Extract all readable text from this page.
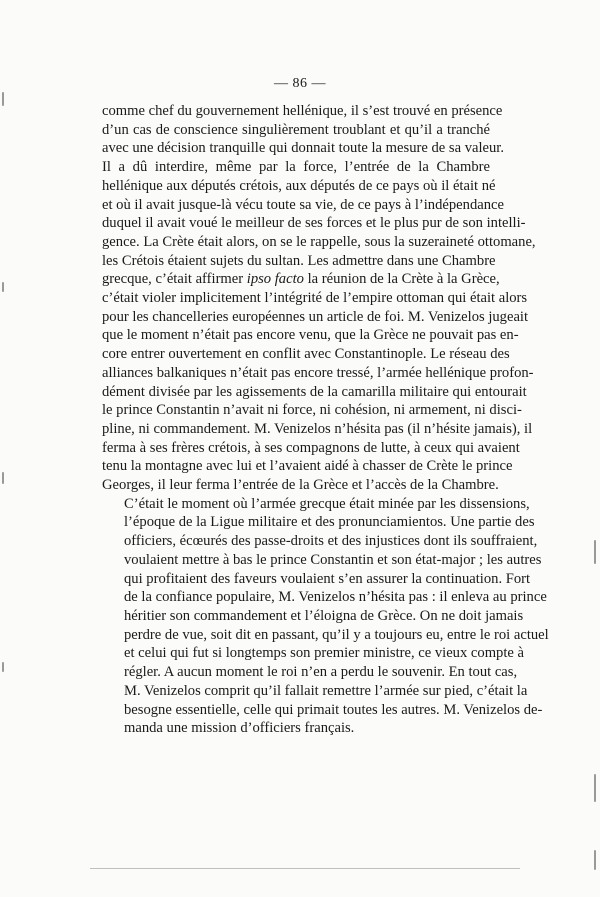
— 86 —

comme chef du gouvernement hellénique, il s’est trouvé en présence
d’un cas de conscience singulièrement troublant et qu’il a tranché
avec une décision tranquille qui donnait toute la mesure de sa valeur.
Il a dû interdire, même par la force, l’entrée de la Chambre
hellénique aux députés crétois, aux députés de ce pays où il était né
et où il avait jusque-là vécu toute sa vie, de ce pays à l’indépendance
duquel il avait voué le meilleur de ses forces et le plus pur de son intelli-
gence. La Crète était alors, on se le rappelle, sous la suzeraineté ottomane,
les Crétois étaient sujets du sultan. Les admettre dans une Chambre
grecque, c’était affirmer ipso facto la réunion de la Crète à la Grèce,
c’était violer implicitement l’intégrité de l’empire ottoman qui était alors
pour les chancelleries européennes un article de foi. M. Venizelos jugeait
que le moment n’était pas encore venu, que la Grèce ne pouvait pas en-
core entrer ouvertement en conflit avec Constantinople. Le réseau des
alliances balkaniques n’était pas encore tressé, l’armée hellénique profon-
dément divisée par les agissements de la camarilla militaire qui entourait
le prince Constantin n’avait ni force, ni cohésion, ni armement, ni disci-
pline, ni commandement. M. Venizelos n’hésita pas (il n’hésite jamais), il
ferma à ses frères crétois, à ses compagnons de lutte, à ceux qui avaient
tenu la montagne avec lui et l’avaient aidé à chasser de Crète le prince
Georges, il leur ferma l’entrée de la Grèce et l’accès de la Chambre.

C’était le moment où l’armée grecque était minée par les dissensions,
l’époque de la Ligue militaire et des pronunciamientos. Une partie des
officiers, écœurés des passe-droits et des injustices dont ils souffraient,
voulaient mettre à bas le prince Constantin et son état-major ; les autres
qui profitaient des faveurs voulaient s’en assurer la continuation. Fort
de la confiance populaire, M. Venizelos n’hésita pas : il enleva au prince
héritier son commandement et l’éloigna de Grèce. On ne doit jamais
perdre de vue, soit dit en passant, qu’il y a toujours eu, entre le roi actuel
et celui qui fut si longtemps son premier ministre, ce vieux compte à
régler. A aucun moment le roi n’en a perdu le souvenir. En tout cas,
M. Venizelos comprit qu’il fallait remettre l’armée sur pied, c’était la
besogne essentielle, celle qui primait toutes les autres. M. Venizelos de-
manda une mission d’officiers français.
